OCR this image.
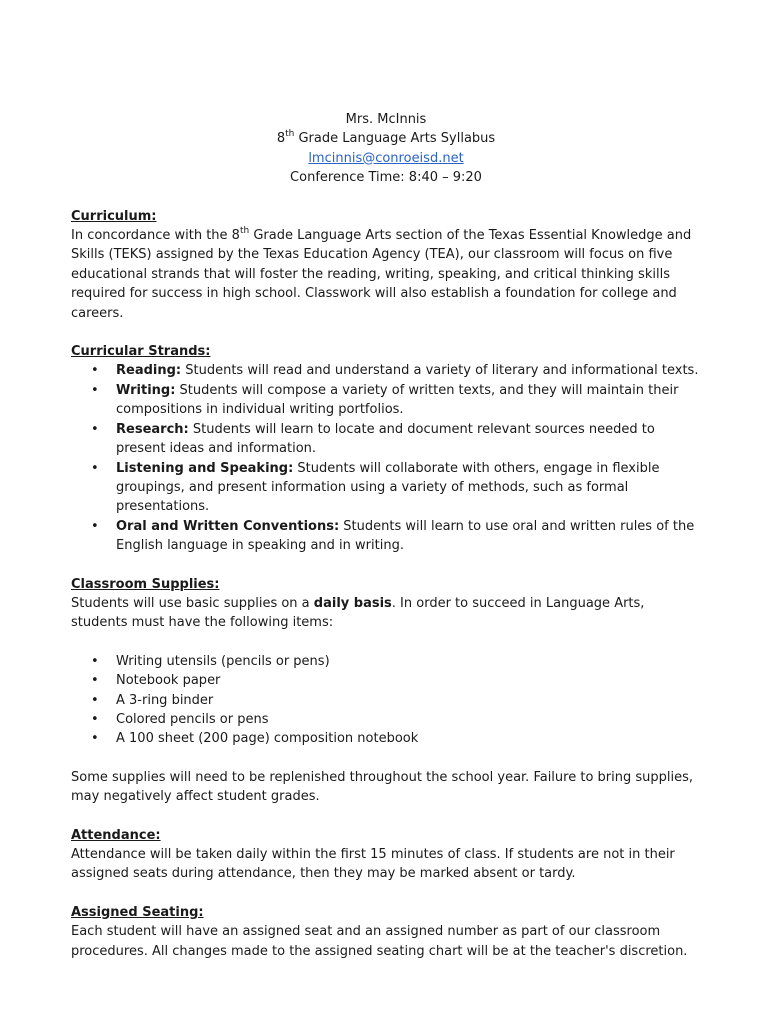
Mrs. McInnis
8th Grade Language Arts Syllabus
lmcinnis@conroeisd.net
Conference Time: 8:40 – 9:20
Curriculum:

In concordance with the 8th Grade Language Arts section of the Texas Essential Knowledge and Skills (TEKS) assigned by the Texas Education Agency (TEA), our classroom will focus on five educational strands that will foster the reading, writing, speaking, and critical thinking skills required for success in high school. Classwork will also establish a foundation for college and careers.

Curricular Strands:
• Reading: Students will read and understand a variety of literary and informational texts.
• Writing: Students will compose a variety of written texts, and they will maintain their compositions in individual writing portfolios.
• Research: Students will learn to locate and document relevant sources needed to present ideas and information.
• Listening and Speaking: Students will collaborate with others, engage in flexible groupings, and present information using a variety of methods, such as formal presentations.
• Oral and Written Conventions: Students will learn to use oral and written rules of the English language in speaking and in writing.
Classroom Supplies:

Students will use basic supplies on a daily basis. In order to succeed in Language Arts, students must have the following items:

• Writing utensils (pencils or pens)
• Notebook paper
• A 3-ring binder
• Colored pencils or pens
• A 100 sheet (200 page) composition notebook

Some supplies will need to be replenished throughout the school year. Failure to bring supplies, may negatively affect student grades.

Attendance:

Attendance will be taken daily within the first 15 minutes of class. If students are not in their assigned seats during attendance, then they may be marked absent or tardy.

Assigned Seating:

Each student will have an assigned seat and an assigned number as part of our classroom procedures. All changes made to the assigned seating chart will be at the teacher's discretion.
